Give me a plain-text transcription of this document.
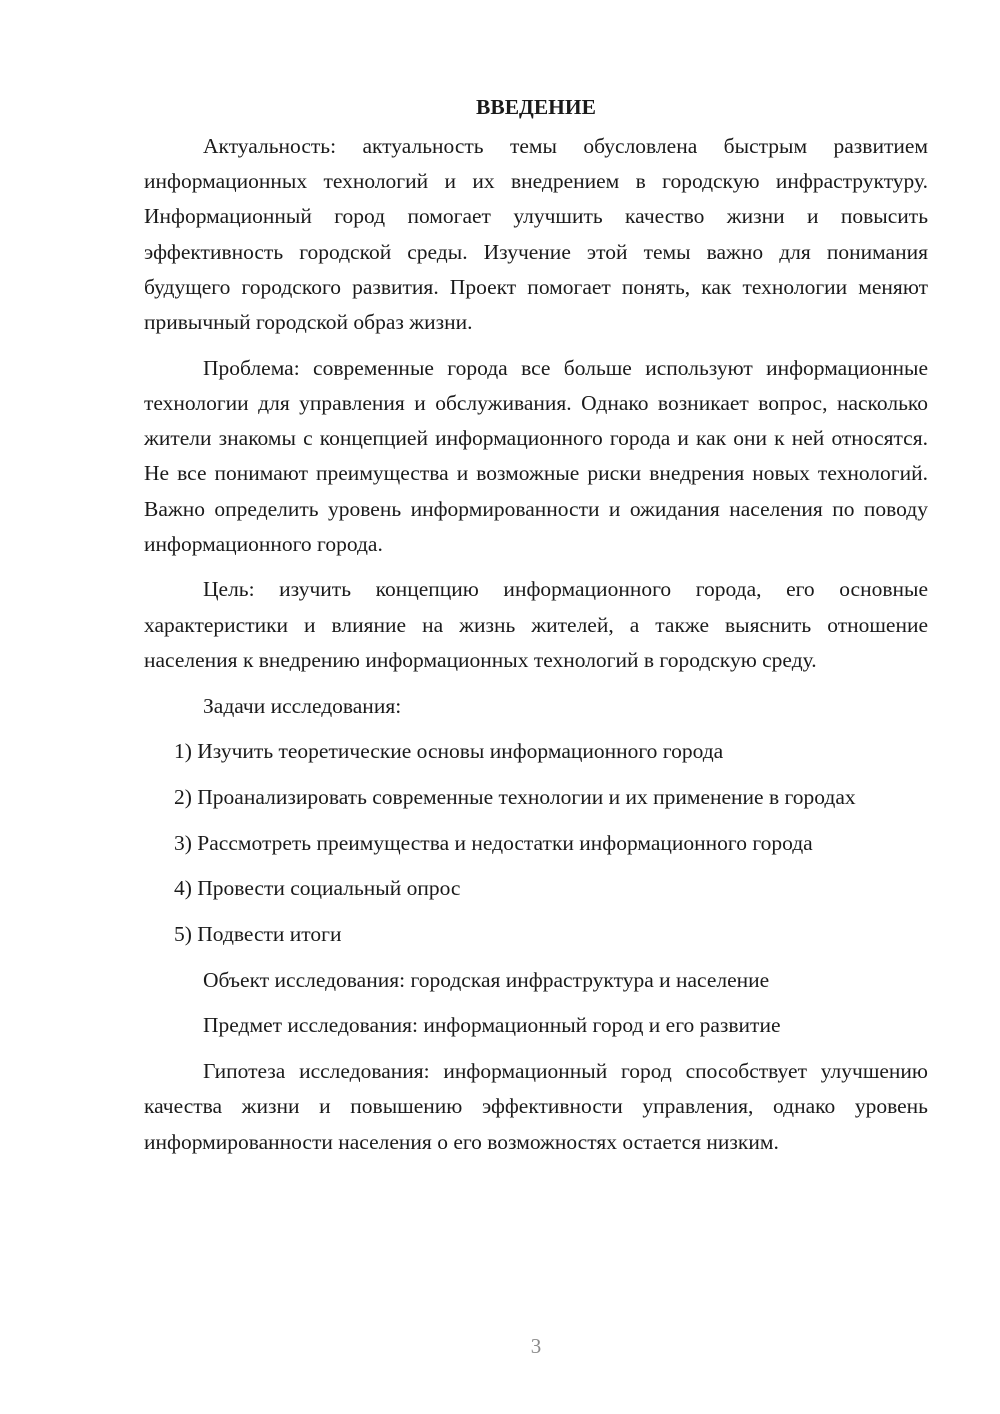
ВВЕДЕНИЕ

Актуальность: актуальность темы обусловлена быстрым развитием информационных технологий и их внедрением в городскую инфраструктуру. Информационный город помогает улучшить качество жизни и повысить эффективность городской среды. Изучение этой темы важно для понимания будущего городского развития. Проект помогает понять, как технологии меняют привычный городской образ жизни.

Проблема: современные города все больше используют информационные технологии для управления и обслуживания. Однако возникает вопрос, насколько жители знакомы с концепцией информационного города и как они к ней относятся. Не все понимают преимущества и возможные риски внедрения новых технологий. Важно определить уровень информированности и ожидания населения по поводу информационного города.

Цель: изучить концепцию информационного города, его основные характеристики и влияние на жизнь жителей, а также выяснить отношение населения к внедрению информационных технологий в городскую среду.

Задачи исследования:

1) Изучить теоретические основы информационного города

2) Проанализировать современные технологии и их применение в городах

3) Рассмотреть преимущества и недостатки информационного города

4) Провести социальный опрос

5) Подвести итоги

Объект исследования: городская инфраструктура и население

Предмет исследования: информационный город и его развитие

Гипотеза исследования: информационный город способствует улучшению качества жизни и повышению эффективности управления, однако уровень информированности населения о его возможностях остается низким.

3
